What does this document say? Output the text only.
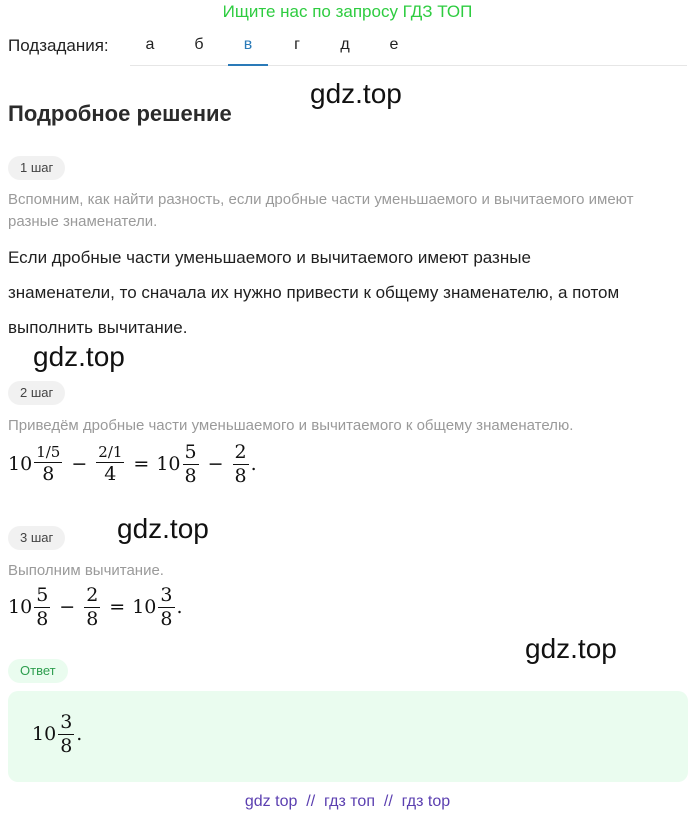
Ищите нас по запросу ГДЗ ТОП
Подзадания:	а	б	в	г	д	е
gdz.top
Подробное решение
1 шаг
Вспомним, как найти разность, если дробные части уменьшаемого и вычитаемого имеют разные знаменатели.
Если дробные части уменьшаемого и вычитаемого имеют разные
знаменатели, то сначала их нужно привести к общему знаменателю, а потом
выполнить вычитание.
gdz.top
2 шаг
Приведём дробные части уменьшаемого и вычитаемого к общему знаменателю.
$10 \frac{1/5}{8} - \frac{2/1}{4} = 10 \frac{5}{8} - \frac{2}{8}$ .
gdz.top
3 шаг
Выполним вычитание.
$10 \frac{5}{8} - \frac{2}{8} = 10 \frac{3}{8}$ .
gdz.top
Ответ
$10 \frac{3}{8}$ .
gdz top  //  гдз топ  //  гдз top
